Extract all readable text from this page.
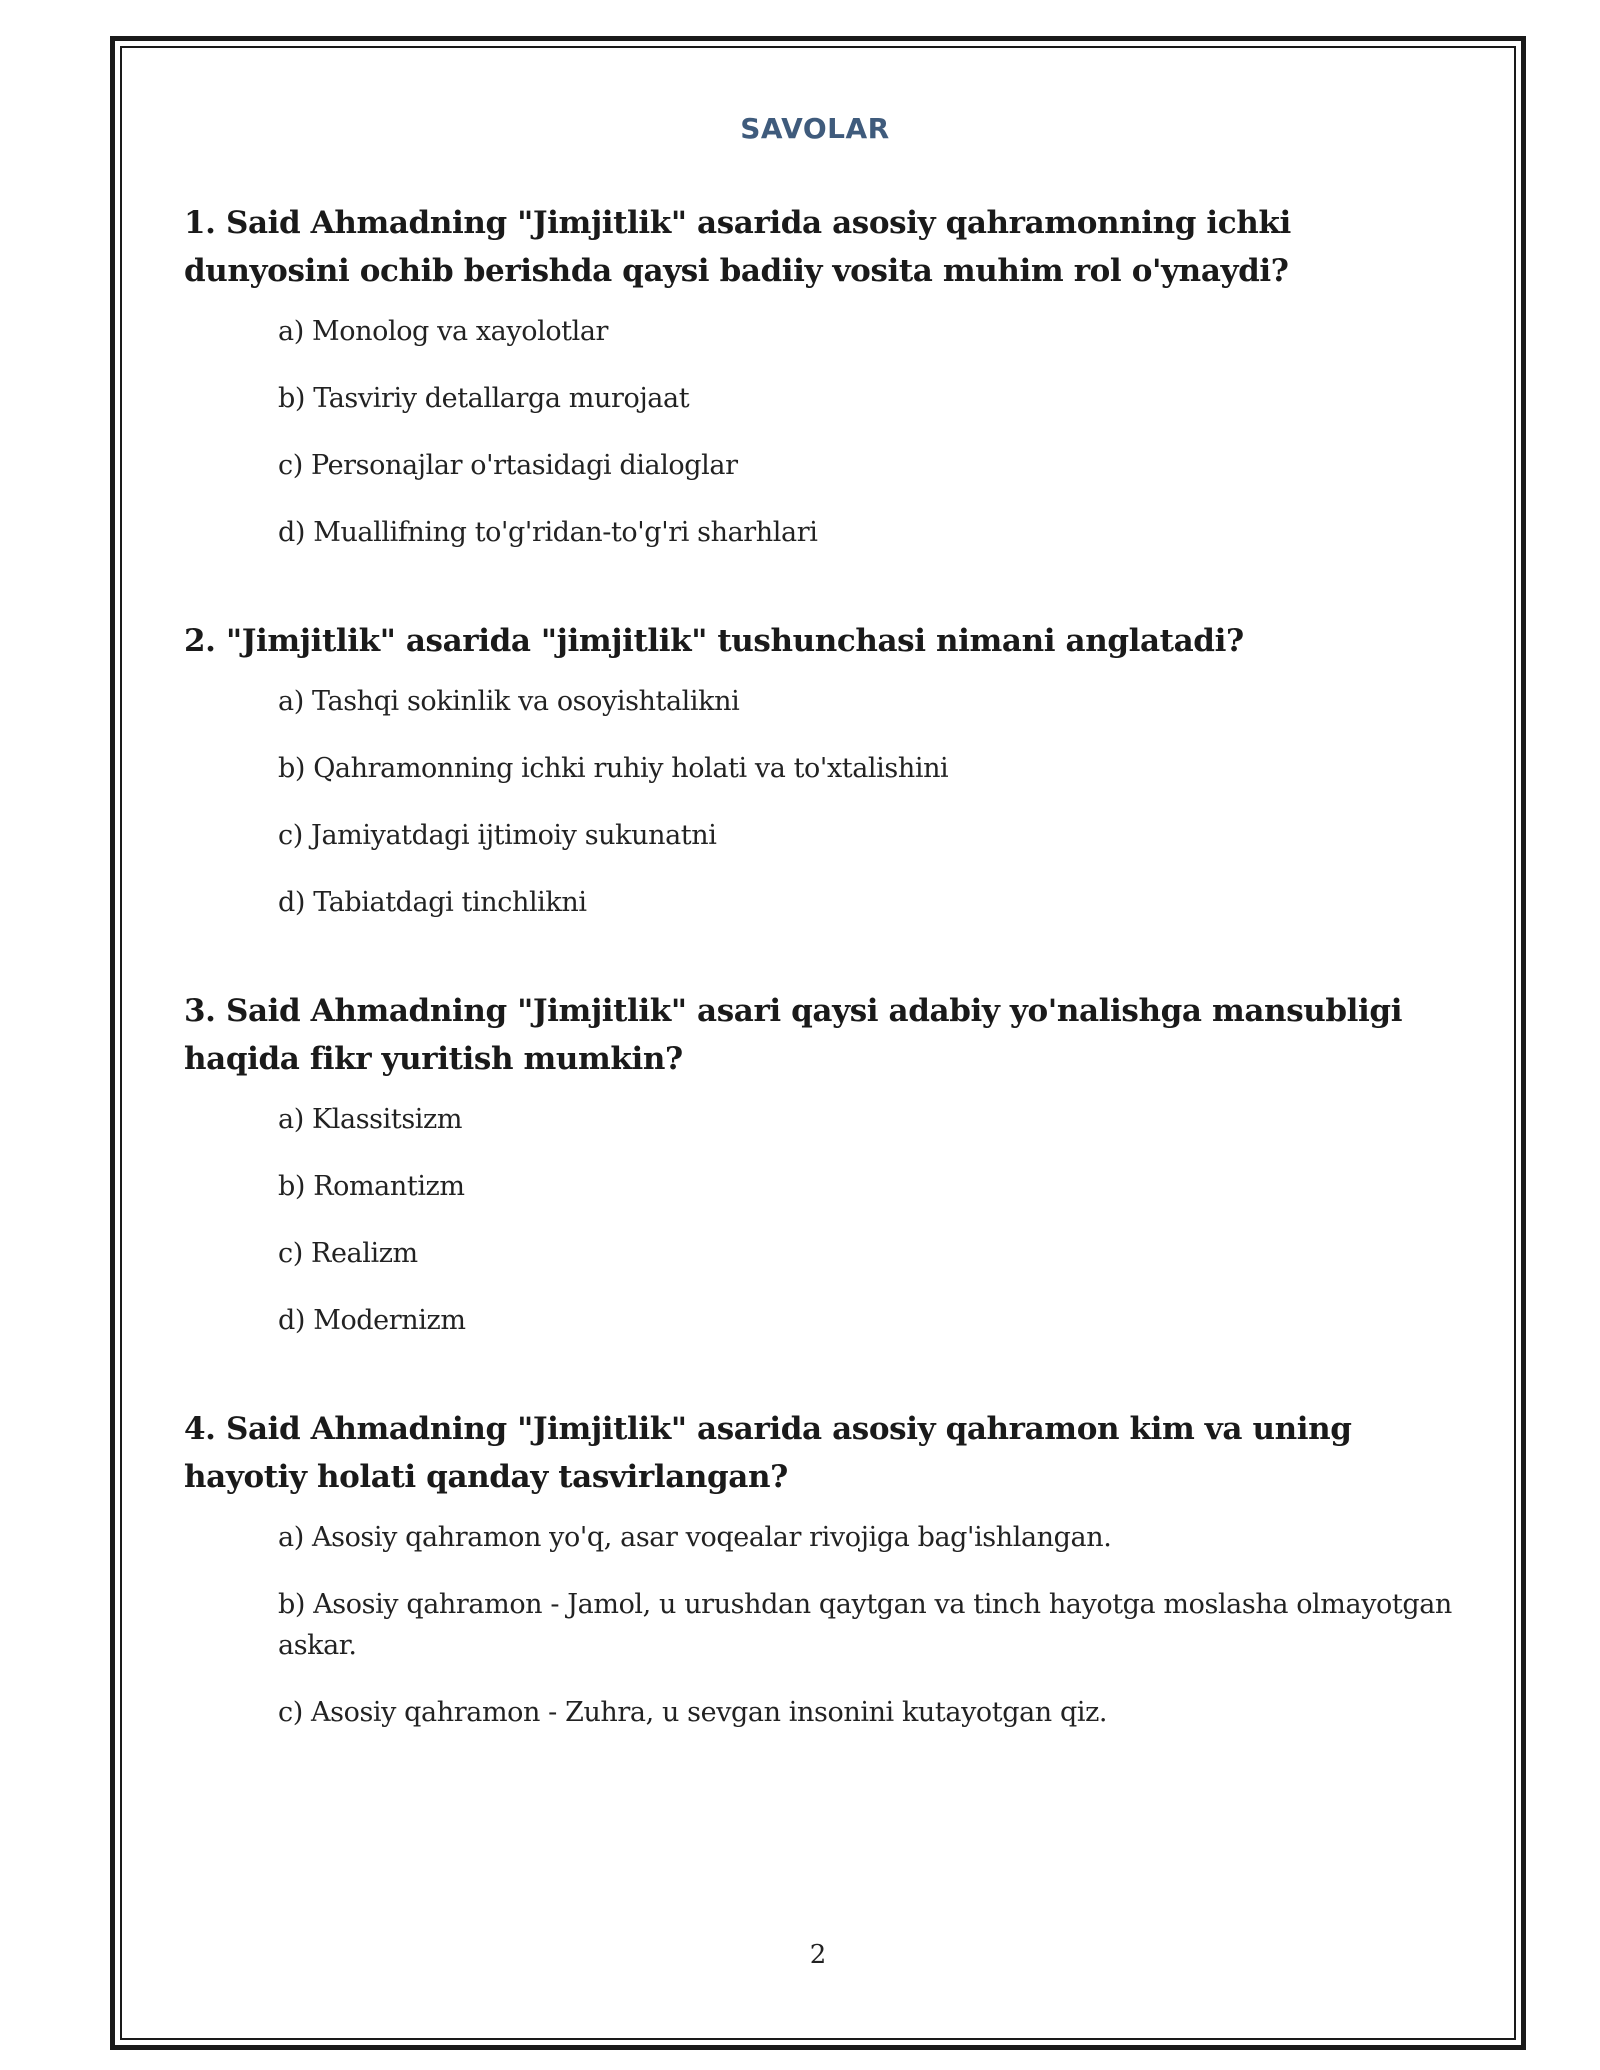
SAVOLAR

1. Said Ahmadning "Jimjitlik" asarida asosiy qahramonning ichki dunyosini ochib berishda qaysi badiiy vosita muhim rol o'ynaydi?

a) Monolog va xayolotlar
b) Tasviriy detallarga murojaat
c) Personajlar o'rtasidagi dialoglar
d) Muallifning to'g'ridan-to'g'ri sharhlari

2. "Jimjitlik" asarida "jimjitlik" tushunchasi nimani anglatadi?

a) Tashqi sokinlik va osoyishtalikni
b) Qahramonning ichki ruhiy holati va to'xtalishini
c) Jamiyatdagi ijtimoiy sukunatni
d) Tabiatdagi tinchlikni

3. Said Ahmadning "Jimjitlik" asari qaysi adabiy yo'nalishga mansubligi haqida fikr yuritish mumkin?

a) Klassitsizm
b) Romantizm
c) Realizm
d) Modernizm

4. Said Ahmadning "Jimjitlik" asarida asosiy qahramon kim va uning hayotiy holati qanday tasvirlangan?

a) Asosiy qahramon yo'q, asar voqealar rivojiga bag'ishlangan.
b) Asosiy qahramon - Jamol, u urushdan qaytgan va tinch hayotga moslasha olmayotgan askar.
c) Asosiy qahramon - Zuhra, u sevgan insonini kutayotgan qiz.
2
